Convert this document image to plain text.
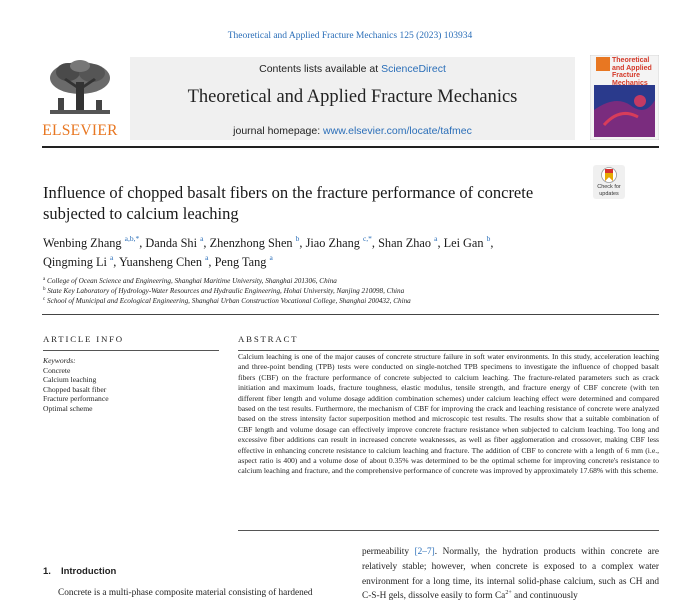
Theoretical and Applied Fracture Mechanics 125 (2023) 103934
ELSEVIER
Contents lists available at ScienceDirect
Theoretical and Applied Fracture Mechanics
journal homepage: www.elsevier.com/locate/tafmec
Theoretical and Applied Fracture Mechanics
Check for
updates
Influence of chopped basalt fibers on the fracture performance of concrete subjected to calcium leaching
Wenbing Zhang $^{a,b,*}$, Danda Shi $^a$, Zhenzhong Shen $^b$, Jiao Zhang $^{c,*}$, Shan Zhao $^a$, Lei Gan $^b$,
Qingming Li $^a$, Yuansheng Chen $^a$, Peng Tang $^a$
$^a$ College of Ocean Science and Engineering, Shanghai Maritime University, Shanghai 201306, China
$^b$ State Key Laboratory of Hydrology-Water Resources and Hydraulic Engineering, Hohai University, Nanjing 210098, China
$^c$ School of Municipal and Ecological Engineering, Shanghai Urban Construction Vocational College, Shanghai 200432, China
ARTICLE INFO
Keywords:
Concrete
Calcium leaching
Chopped basalt fiber
Fracture performance
Optimal scheme
ABSTRACT
Calcium leaching is one of the major causes of concrete structure failure in soft water environments. In this study, acceleration leaching and three-point bending (TPB) tests were conducted on single-notched TPB specimens to investigate the influence of chopped basalt fibers (CBF) on the fracture performance of concrete subjected to calcium leaching. The fracture-related parameters such as crack initiation and maximum loads, fracture toughness, elastic modulus, tensile strength, and fracture energy of CBF concrete (with ten different fiber length and volume dosage addition combination schemes) under calcium leaching effect were determined and compared based on the test results. Furthermore, the mechanism of CBF for improving the crack and leaching resistance of concrete were analyzed based on the stress intensity factor superposition method and microscopic test results. The results show that a suitable combination of CBF length and volume dosage can effectively improve concrete fracture resistance when subjected to calcium leaching. Too long and excessive fiber additions can result in increased concrete weaknesses, as well as fiber agglomeration and crossover, making CBF less effective in enhancing concrete resistance to calcium leaching and fracture. The addition of CBF to concrete with a length of 6 mm (i.e., aspect ratio is 400) and a volume dose of about 0.35% was determined to be the optimal scheme for improving concrete's resistance to calcium leaching and fracture, and the comprehensive performance of concrete was improved by approximately 17.68% with this scheme.
1. Introduction
Concrete is a multi-phase composite material consisting of hardened
permeability [2–7]. Normally, the hydration products within concrete are relatively stable; however, when concrete is exposed to a complex water environment for a long time, its internal solid-phase calcium, such as CH and C-S-H gels, dissolve easily to form $Ca^{2+}$ and continuously
